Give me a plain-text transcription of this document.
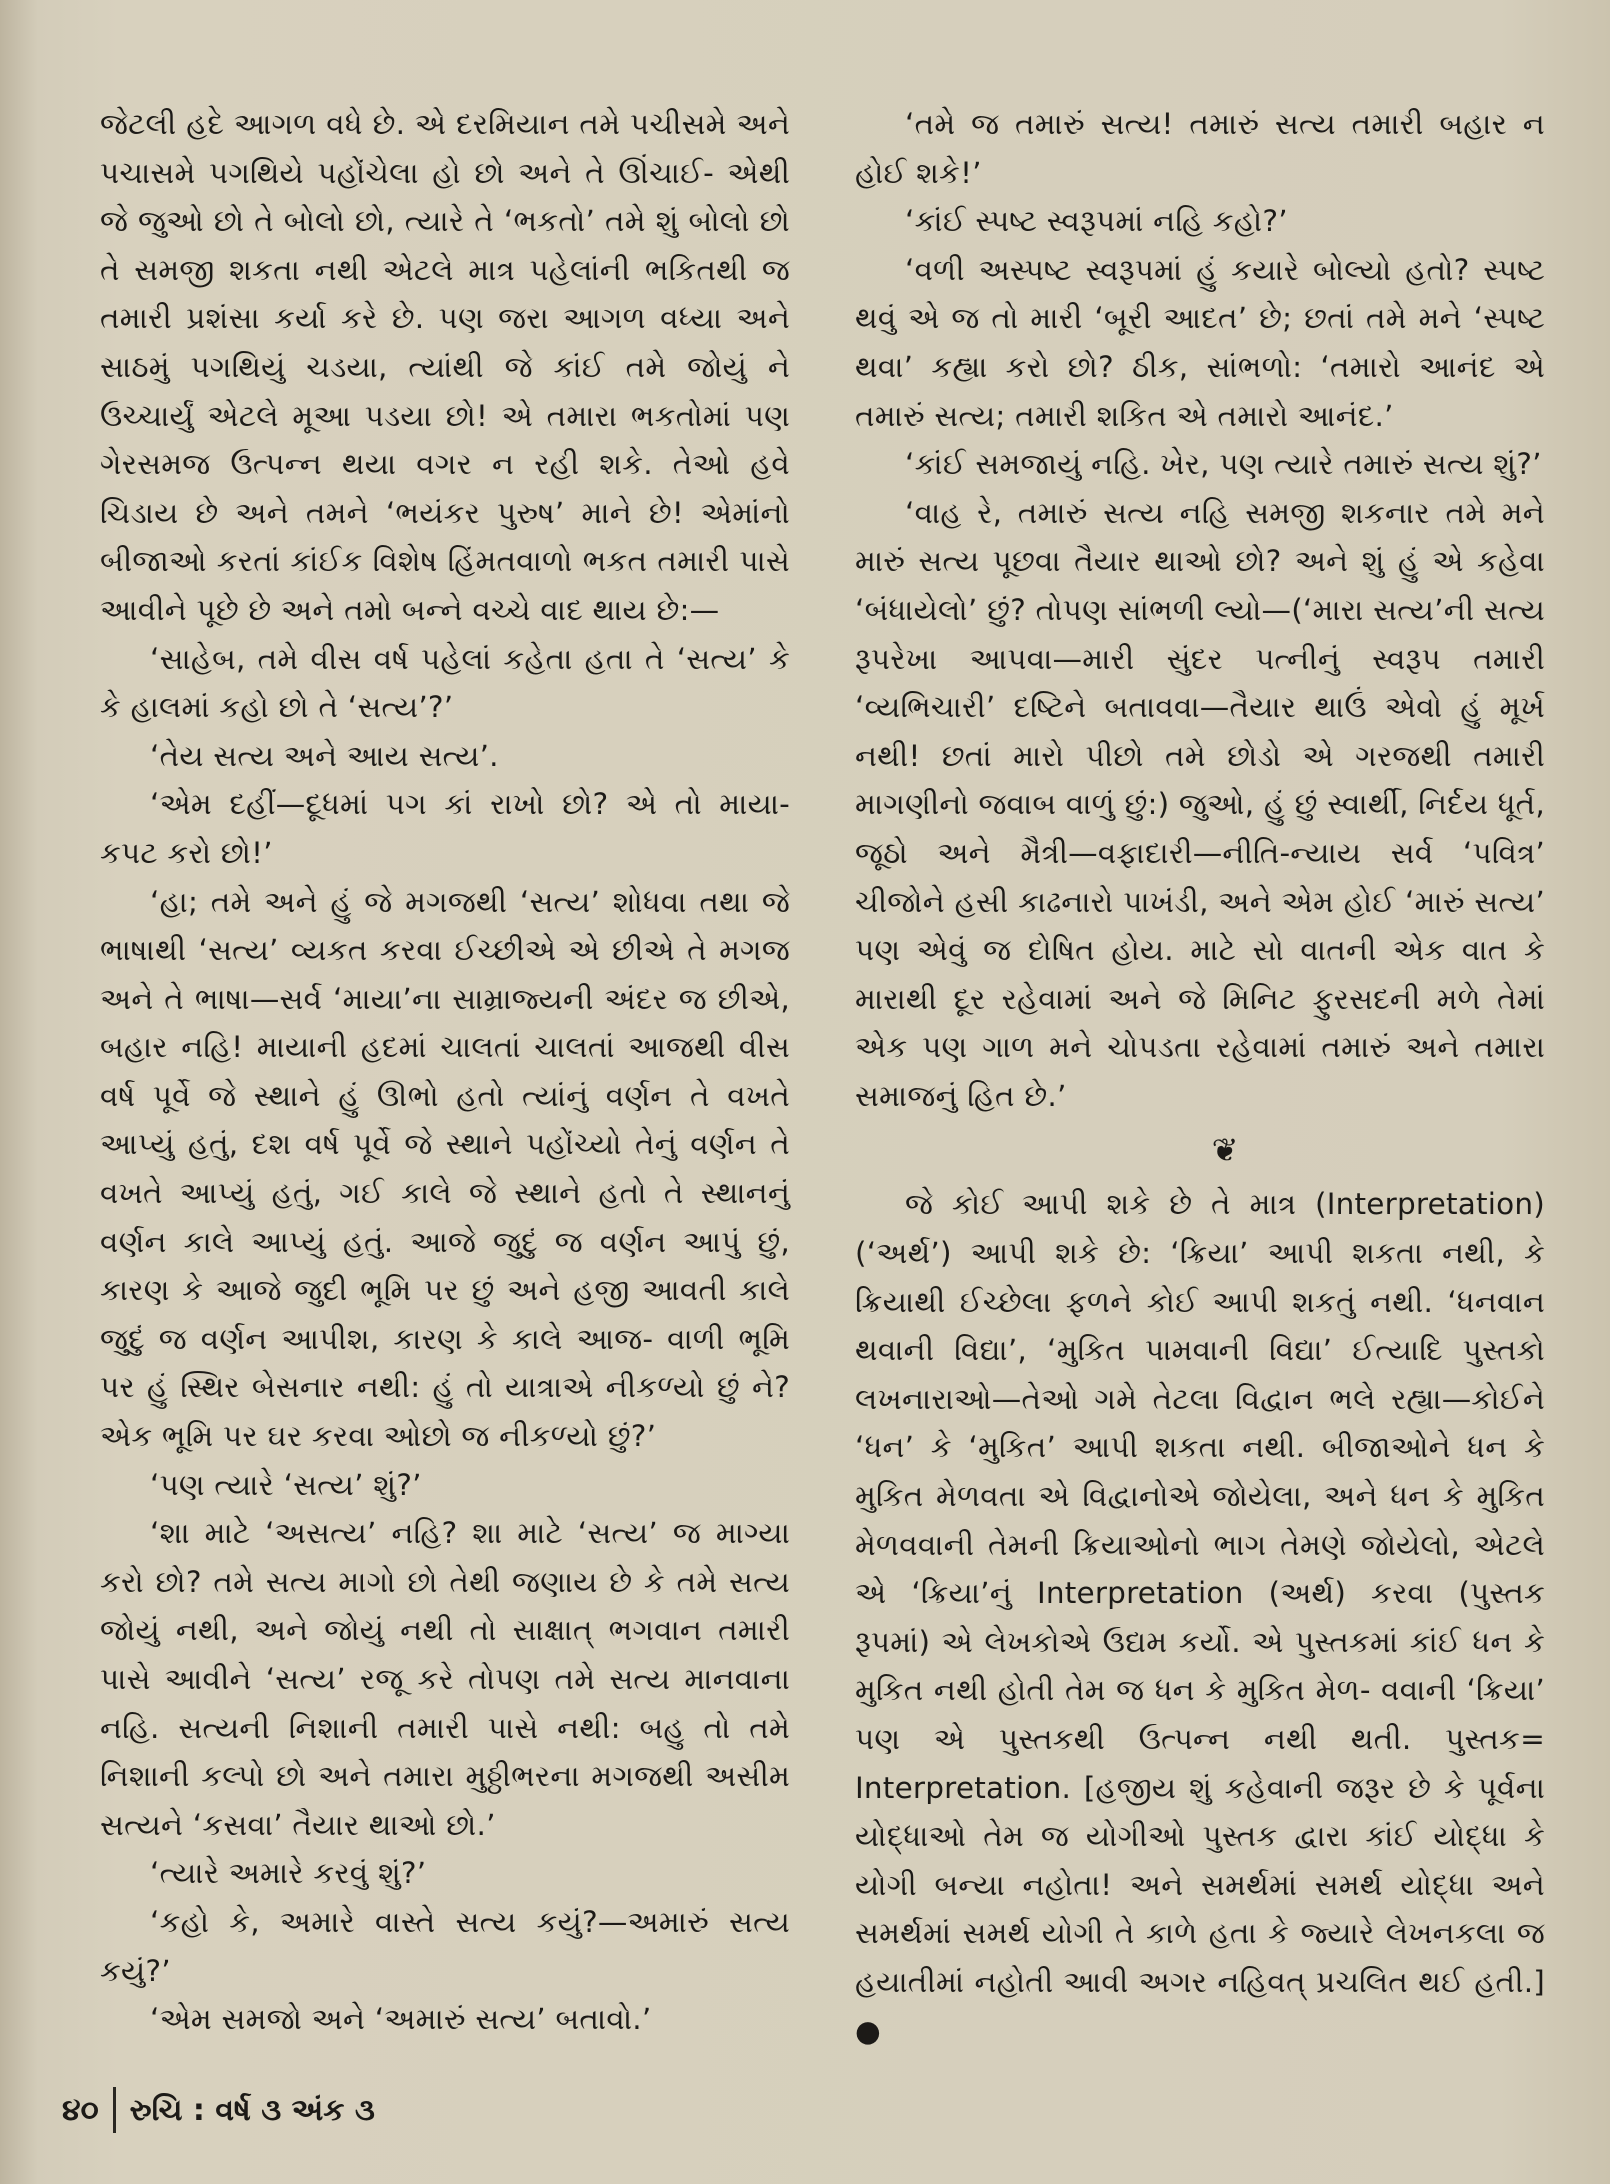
જેટલી હદે આગળ વધે છે. એ દરમિયાન તમે પચીસમે અને પચાસમે પગથિયે પહોંચેલા હો છો અને તે ઊંચાઈ- એથી જે જુઓ છો તે બોલો છો, ત્યારે તે ‘ભકતો’ તમે શું બોલો છો તે સમજી શકતા નથી એટલે માત્ર પહેલાંની ભકિતથી જ તમારી પ્રશંસા કર્યા કરે છે. પણ જરા આગળ વધ્યા અને સાઠમું પગથિયું ચડયા, ત્યાંથી જે કાંઈ તમે જોયું ને ઉચ્ચાર્યું એટલે મૂઆ પડયા છો! એ તમારા ભકતોમાં પણ ગેરસમજ ઉત્પન્ન થયા વગર ન રહી શકે. તેઓ હવે ચિડાય છે અને તમને ‘ભયંકર પુરુષ’ માને છે! એમાંનો બીજાઓ કરતાં કાંઈક વિશેષ હિંમતવાળો ભકત તમારી પાસે આવીને પૂછે છે અને તમો બન્ને વચ્ચે વાદ થાય છે:—

‘સાહેબ, તમે વીસ વર્ષ પહેલાં કહેતા હતા તે ‘સત્ય’ કે કે હાલમાં કહો છો તે ‘સત્ય’?’

‘તેય સત્ય અને આય સત્ય’.

‘એમ દહીં—દૂધમાં પગ કાં રાખો છો? એ તો માયા- કપટ કરો છો!’

‘હા; તમે અને હું જે મગજથી ‘સત્ય’ શોધવા તથા જે ભાષાથી ‘સત્ય’ વ્યકત કરવા ઈચ્છીએ એ છીએ તે મગજ અને તે ભાષા—સર્વ ‘માયા’ના સામ્રાજ્યની અંદર જ છીએ, બહાર નહિ! માયાની હદમાં ચાલતાં ચાલતાં આજથી વીસ વર્ષ પૂર્વે જે સ્થાને હું ઊભો હતો ત્યાંનું વર્ણન તે વખતે આપ્યું હતું, દશ વર્ષ પૂર્વે જે સ્થાને પહોંચ્યો તેનું વર્ણન તે વખતે આપ્યું હતું, ગઈ કાલે જે સ્થાને હતો તે સ્થાનનું વર્ણન કાલે આપ્યું હતું. આજે જુદું જ વર્ણન આપું છું, કારણ કે આજે જુદી ભૂમિ પર છું અને હજી આવતી કાલે જુદું જ વર્ણન આપીશ, કારણ કે કાલે આજ- વાળી ભૂમિ પર હું સ્થિર બેસનાર નથી: હું તો યાત્રાએ નીકળ્યો છું ને? એક ભૂમિ પર ઘર કરવા ઓછો જ નીકળ્યો છું?’

‘પણ ત્યારે ‘સત્ય’ શું?’

‘શા માટે ‘અસત્ય’ નહિ? શા માટે ‘સત્ય’ જ માગ્યા કરો છો? તમે સત્ય માગો છો તેથી જણાય છે કે તમે સત્ય જોયું નથી, અને જોયું નથી તો સાક્ષાત્ ભગવાન તમારી પાસે આવીને ‘સત્ય’ રજૂ કરે તોપણ તમે સત્ય માનવાના નહિ. સત્યની નિશાની તમારી પાસે નથી: બહુ તો તમે નિશાની કલ્પો છો અને તમારા મુઠ્ઠીભરના મગજથી અસીમ સત્યને ‘કસવા’ તૈયાર થાઓ છો.’

‘ત્યારે અમારે કરવું શું?’

‘કહો કે, અમારે વાસ્તે સત્ય કયું?—અમારું સત્ય કયું?’

‘એમ સમજો અને ‘અમારું સત્ય’ બતાવો.’

‘તમે જ તમારું સત્ય! તમારું સત્ય તમારી બહાર ન હોઈ શકે!’

‘કાંઈ સ્પષ્ટ સ્વરૂપમાં નહિ કહો?’

‘વળી અસ્પષ્ટ સ્વરૂપમાં હું કયારે બોલ્યો હતો? સ્પષ્ટ થવું એ જ તો મારી ‘બૂરી આદત’ છે; છતાં તમે મને ‘સ્પષ્ટ થવા’ કહ્યા કરો છો? ઠીક, સાંભળો: ‘તમારો આનંદ એ તમારું સત્ય; તમારી શકિત એ તમારો આનંદ.’

‘કાંઈ સમજાયું નહિ. ખેર, પણ ત્યારે તમારું સત્ય શું?’

‘વાહ રે, તમારું સત્ય નહિ સમજી શકનાર તમે મને મારું સત્ય પૂછવા તૈયાર થાઓ છો? અને શું હું એ કહેવા ‘બંધાયેલો’ છું? તોપણ સાંભળી લ્યો—(‘મારા સત્ય’ની સત્ય રૂપરેખા આપવા—મારી સુંદર પત્નીનું સ્વરૂપ તમારી ‘વ્યભિચારી’ દષ્ટિને બતાવવા—તૈયાર થાઉં એવો હું મૂર્ખ નથી! છતાં મારો પીછો તમે છોડો એ ગરજથી તમારી માગણીનો જવાબ વાળું છું:) જુઓ, હું છું સ્વાર્થી, નિર્દય ધૂર્ત, જૂઠો અને મૈત્રી—વફાદારી—નીતિ-ન્યાય સર્વ ‘પવિત્ર’ ચીજોને હસી કાઢનારો પાખંડી, અને એમ હોઈ ‘મારું સત્ય’ પણ એવું જ દોષિત હોય. માટે સો વાતની એક વાત કે મારાથી દૂર રહેવામાં અને જે મિનિટ ફુરસદની મળે તેમાં એક પણ ગાળ મને ચોપડતા રહેવામાં તમારું અને તમારા સમાજનું હિત છે.’

❦

જે કોઈ આપી શકે છે તે માત્ર (Interpretation) (‘અર્થ’) આપી શકે છે: ‘ક્રિયા’ આપી શકતા નથી, કે ક્રિયાથી ઈચ્છેલા ફળને કોઈ આપી શકતું નથી. ‘ધનવાન થવાની વિદ્યા’, ‘મુકિત પામવાની વિદ્યા’ ઈત્યાદિ પુસ્તકો લખનારાઓ—તેઓ ગમે તેટલા વિદ્વાન ભલે રહ્યા—કોઈને ‘ધન’ કે ‘મુકિત’ આપી શકતા નથી. બીજાઓને ધન કે મુકિત મેળવતા એ વિદ્વાનોએ જોયેલા, અને ધન કે મુકિત મેળવવાની તેમની ક્રિયાઓનો ભાગ તેમણે જોયેલો, એટલે એ ‘ક્રિયા’નું Interpretation (અર્થ) કરવા (પુસ્તક રૂપમાં) એ લેખકોએ ઉદ્યમ કર્યો. એ પુસ્તકમાં કાંઈ ધન કે મુકિત નથી હોતી તેમ જ ધન કે મુકિત મેળ- વવાની ‘ક્રિયા’ પણ એ પુસ્તકથી ઉત્પન્ન નથી થતી. પુસ્તક= Interpretation. [હજીય શું કહેવાની જરૂર છે કે પૂર્વના યોદ્ધાઓ તેમ જ યોગીઓ પુસ્તક દ્વારા કાંઈ યોદ્ધા કે યોગી બન્યા નહોતા! અને સમર્થમાં સમર્થ યોદ્ધા અને સમર્થમાં સમર્થ યોગી તે કાળે હતા કે જ્યારે લેખનકલા જ હયાતીમાં નહોતી આવી અગર નહિવત્ પ્રચલિત થઈ હતી.] ●

૪૦ રુચિ : વર્ષ ૩ અંક ૩
